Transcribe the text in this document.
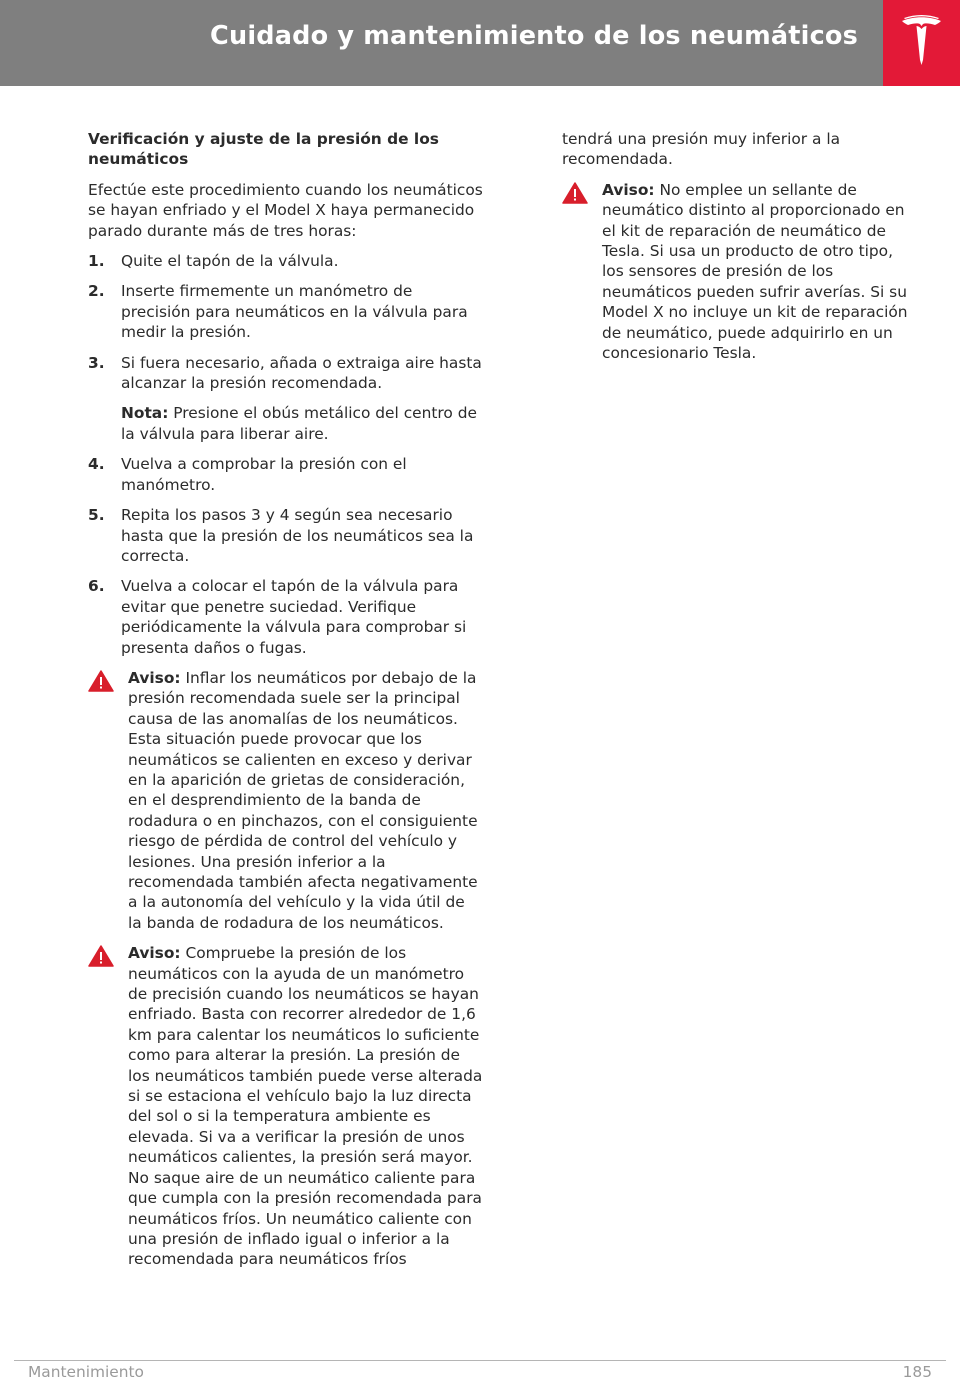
Cuidado y mantenimiento de los neumáticos
Verificación y ajuste de la presión de los neumáticos

Efectúe este procedimiento cuando los neumáticos se hayan enfriado y el Model X haya permanecido parado durante más de tres horas:

1. Quite el tapón de la válvula.
2. Inserte firmemente un manómetro de precisión para neumáticos en la válvula para medir la presión.
3. Si fuera necesario, añada o extraiga aire hasta alcanzar la presión recomendada.
Nota: Presione el obús metálico del centro de la válvula para liberar aire.
4. Vuelva a comprobar la presión con el manómetro.
5. Repita los pasos 3 y 4 según sea necesario hasta que la presión de los neumáticos sea la correcta.
6. Vuelva a colocar el tapón de la válvula para evitar que penetre suciedad. Verifique periódicamente la válvula para comprobar si presenta daños o fugas.
Aviso: Inflar los neumáticos por debajo de la presión recomendada suele ser la principal causa de las anomalías de los neumáticos. Esta situación puede provocar que los neumáticos se calienten en exceso y derivar en la aparición de grietas de consideración, en el desprendimiento de la banda de rodadura o en pinchazos, con el consiguiente riesgo de pérdida de control del vehículo y lesiones. Una presión inferior a la recomendada también afecta negativamente a la autonomía del vehículo y la vida útil de la banda de rodadura de los neumáticos.
Aviso: Compruebe la presión de los neumáticos con la ayuda de un manómetro de precisión cuando los neumáticos se hayan enfriado. Basta con recorrer alrededor de 1,6 km para calentar los neumáticos lo suficiente como para alterar la presión. La presión de los neumáticos también puede verse alterada si se estaciona el vehículo bajo la luz directa del sol o si la temperatura ambiente es elevada. Si va a verificar la presión de unos neumáticos calientes, la presión será mayor. No saque aire de un neumático caliente para que cumpla con la presión recomendada para neumáticos fríos. Un neumático caliente con una presión de inflado igual o inferior a la recomendada para neumáticos fríos

tendrá una presión muy inferior a la recomendada.

Aviso: No emplee un sellante de neumático distinto al proporcionado en el kit de reparación de neumático de Tesla. Si usa un producto de otro tipo, los sensores de presión de los neumáticos pueden sufrir averías. Si su Model X no incluye un kit de reparación de neumático, puede adquirirlo en un concesionario Tesla.
Mantenimiento	185
